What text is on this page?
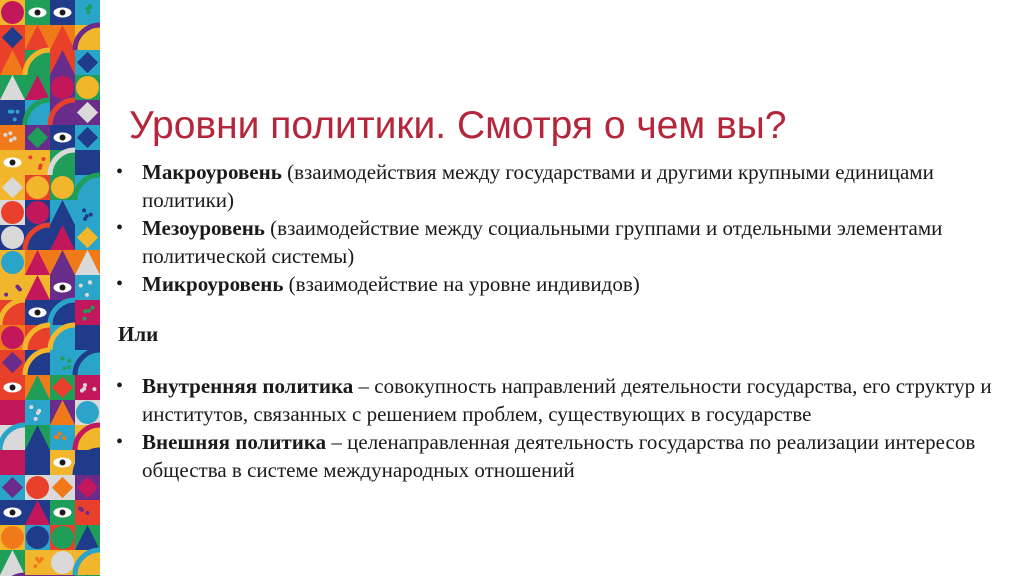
Уровни политики. Смотря о чем вы?
• Макроуровень (взаимодействия между государствами и другими крупными единицами политики)
• Мезоуровень (взаимодействие между социальными группами и отдельными элементами политической системы)
• Микроуровень (взаимодействие на уровне индивидов)
Или
• Внутренняя политика – совокупность направлений деятельности государства, его структур и институтов, связанных с решением проблем, существующих в государстве
• Внешняя политика – целенаправленная деятельность государства по реализации интересов общества в системе международных отношений
